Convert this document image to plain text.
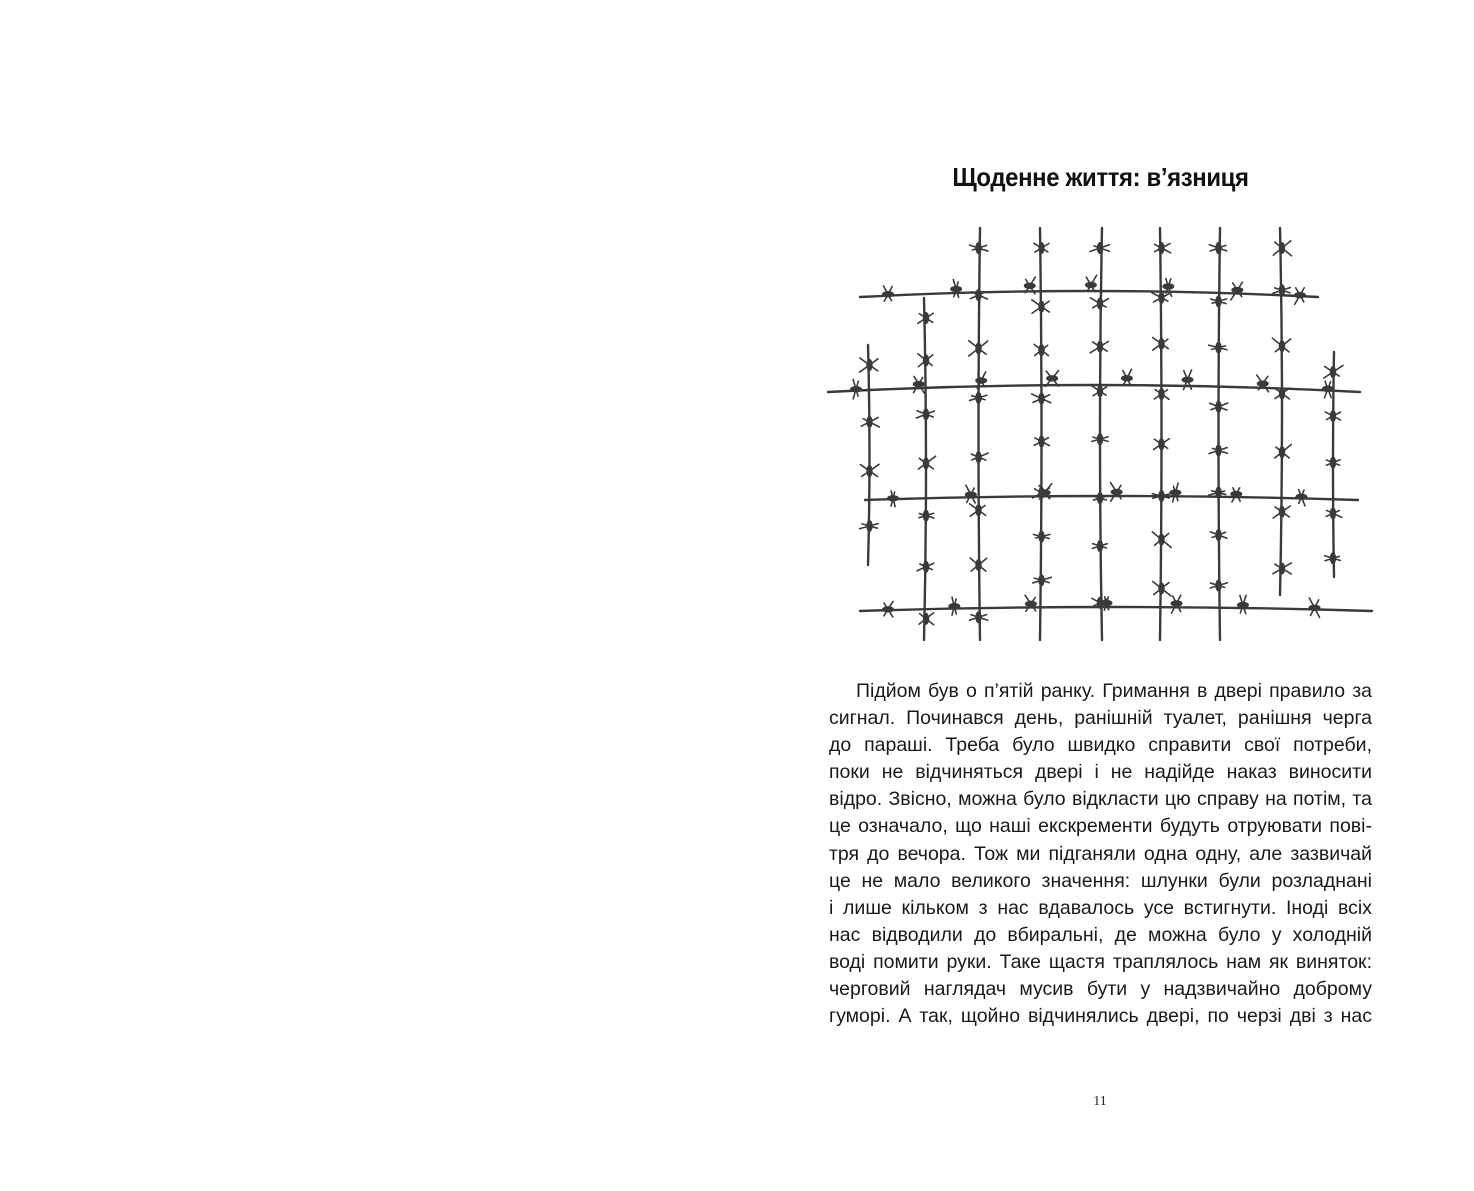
Щоденне життя: в’язниця
Підйом був о п’ятій ранку. Гримання в двері правило за
сигнал. Починався день, ранішній туалет, ранішня черга
до параші. Треба було швидко справити свої потреби,
поки не відчиняться двері і не надійде наказ виносити
відро. Звісно, можна було відкласти цю справу на потім, та
це означало, що наші екскременти будуть отруювати пові-
тря до вечора. Тож ми підганяли одна одну, але зазвичай
це не мало великого значення: шлунки були розладнані
і лише кільком з нас вдавалось усе встигнути. Іноді всіх
нас відводили до вбиральні, де можна було у холодній
воді помити руки. Таке щастя траплялось нам як виняток:
черговий наглядач мусив бути у надзвичайно доброму
гуморі. А так, щойно відчинялись двері, по черзі дві з нас
11
